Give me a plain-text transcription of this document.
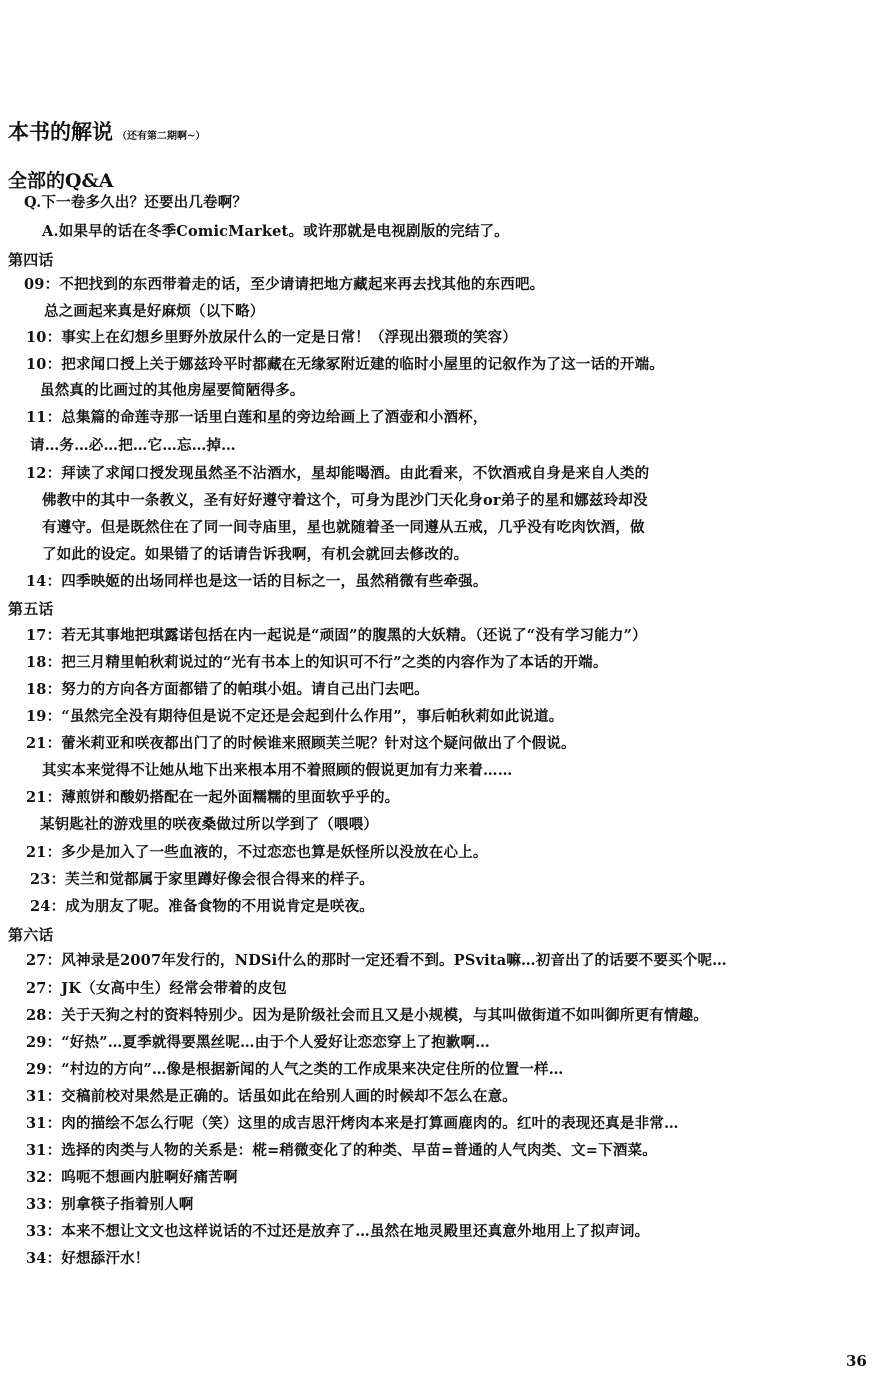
本书的解说 （还有第二期啊~）
全部的Q&A
Q.下一卷多久出？还要出几卷啊？
A.如果早的话在冬季ComicMarket。或许那就是电视剧版的完结了。
第四话
09：不把找到的东西带着走的话，至少请请把地方藏起来再去找其他的东西吧。
总之画起来真是好麻烦（以下略）
10：事实上在幻想乡里野外放尿什么的一定是日常！（浮现出猥琐的笑容）
10：把求闻口授上关于娜兹玲平时都藏在无缘冢附近建的临时小屋里的记叙作为了这一话的开端。
虽然真的比画过的其他房屋要简陋得多。
11：总集篇的命莲寺那一话里白莲和星的旁边给画上了酒壶和小酒杯，
请…务…必…把…它…忘…掉…
12：拜读了求闻口授发现虽然圣不沾酒水，星却能喝酒。由此看来，不饮酒戒自身是来自人类的
佛教中的其中一条教义，圣有好好遵守着这个，可身为毘沙门天化身or弟子的星和娜兹玲却没
有遵守。但是既然住在了同一间寺庙里，星也就随着圣一同遵从五戒，几乎没有吃肉饮酒，做
了如此的设定。如果错了的话请告诉我啊，有机会就回去修改的。
14：四季映姬的出场同样也是这一话的目标之一，虽然稍微有些牵强。
第五话
17：若无其事地把琪露诺包括在内一起说是“顽固”的腹黑的大妖精。（还说了“没有学习能力”）
18：把三月精里帕秋莉说过的“光有书本上的知识可不行”之类的内容作为了本话的开端。
18：努力的方向各方面都错了的帕琪小姐。请自己出门去吧。
19：“虽然完全没有期待但是说不定还是会起到什么作用”，事后帕秋莉如此说道。
21：蕾米莉亚和咲夜都出门了的时候谁来照顾芙兰呢？针对这个疑问做出了个假说。
其实本来觉得不让她从地下出来根本用不着照顾的假说更加有力来着……
21：薄煎饼和酸奶搭配在一起外面糯糯的里面软乎乎的。
某钥匙社的游戏里的咲夜桑做过所以学到了（喂喂）
21：多少是加入了一些血液的，不过恋恋也算是妖怪所以没放在心上。
23：芙兰和觉都属于家里蹲好像会很合得来的样子。
24：成为朋友了呢。准备食物的不用说肯定是咲夜。
第六话
27：风神录是2007年发行的，NDSi什么的那时一定还看不到。PSvita嘛…初音出了的话要不要买个呢…
27：JK（女高中生）经常会带着的皮包
28：关于天狗之村的资料特别少。因为是阶级社会而且又是小规模，与其叫做街道不如叫御所更有情趣。
29：“好热”…夏季就得要黑丝呢…由于个人爱好让恋恋穿上了抱歉啊…
29：“村边的方向”…像是根据新闻的人气之类的工作成果来决定住所的位置一样…
31：交稿前校对果然是正确的。话虽如此在给别人画的时候却不怎么在意。
31：肉的描绘不怎么行呢（笑）这里的成吉思汗烤肉本来是打算画鹿肉的。红叶的表现还真是非常…
31：选择的肉类与人物的关系是：椛=稍微变化了的种类、早苗=普通的人气肉类、文=下酒菜。
32：呜呃不想画内脏啊好痛苦啊
33：别拿筷子指着别人啊
33：本来不想让文文也这样说话的不过还是放弃了…虽然在地灵殿里还真意外地用上了拟声词。
34：好想舔汗水！
36
